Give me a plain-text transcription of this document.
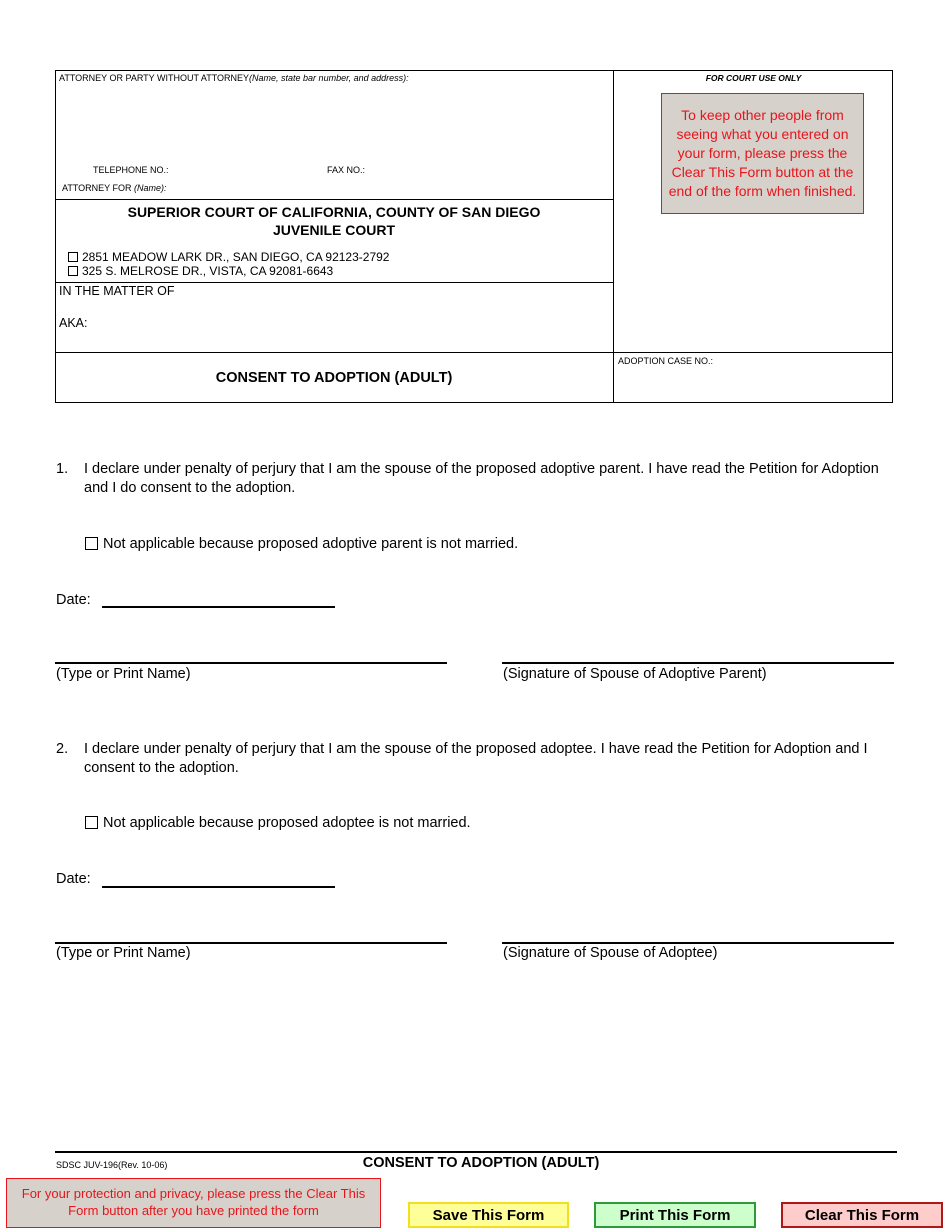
ATTORNEY OR PARTY WITHOUT ATTORNEY(Name, state bar number, and address):
TELEPHONE NO.:	FAX NO.:
ATTORNEY FOR (Name):
FOR COURT USE ONLY
To keep other people from seeing what you entered on your form, please press the Clear This Form button at the end of the form when finished.
SUPERIOR COURT OF CALIFORNIA, COUNTY OF SAN DIEGO
JUVENILE COURT
2851 MEADOW LARK DR., SAN DIEGO, CA 92123-2792
325 S. MELROSE DR., VISTA, CA 92081-6643
IN THE MATTER OF
AKA:
CONSENT TO ADOPTION (ADULT)
ADOPTION CASE NO.:
1. I declare under penalty of perjury that I am the spouse of the proposed adoptive parent. I have read the Petition for Adoption and I do consent to the adoption.
Not applicable because proposed adoptive parent is not married.
Date:
(Type or Print Name)	(Signature of Spouse of Adoptive Parent)
2. I declare under penalty of perjury that I am the spouse of the proposed adoptee. I have read the Petition for Adoption and I consent to the adoption.
Not applicable because proposed adoptee is not married.
Date:
(Type or Print Name)	(Signature of Spouse of Adoptee)
SDSC JUV-196(Rev. 10-06)	CONSENT TO ADOPTION (ADULT)
For your protection and privacy, please press the Clear This Form button after you have printed the form	Save This Form	Print This Form	Clear This Form
